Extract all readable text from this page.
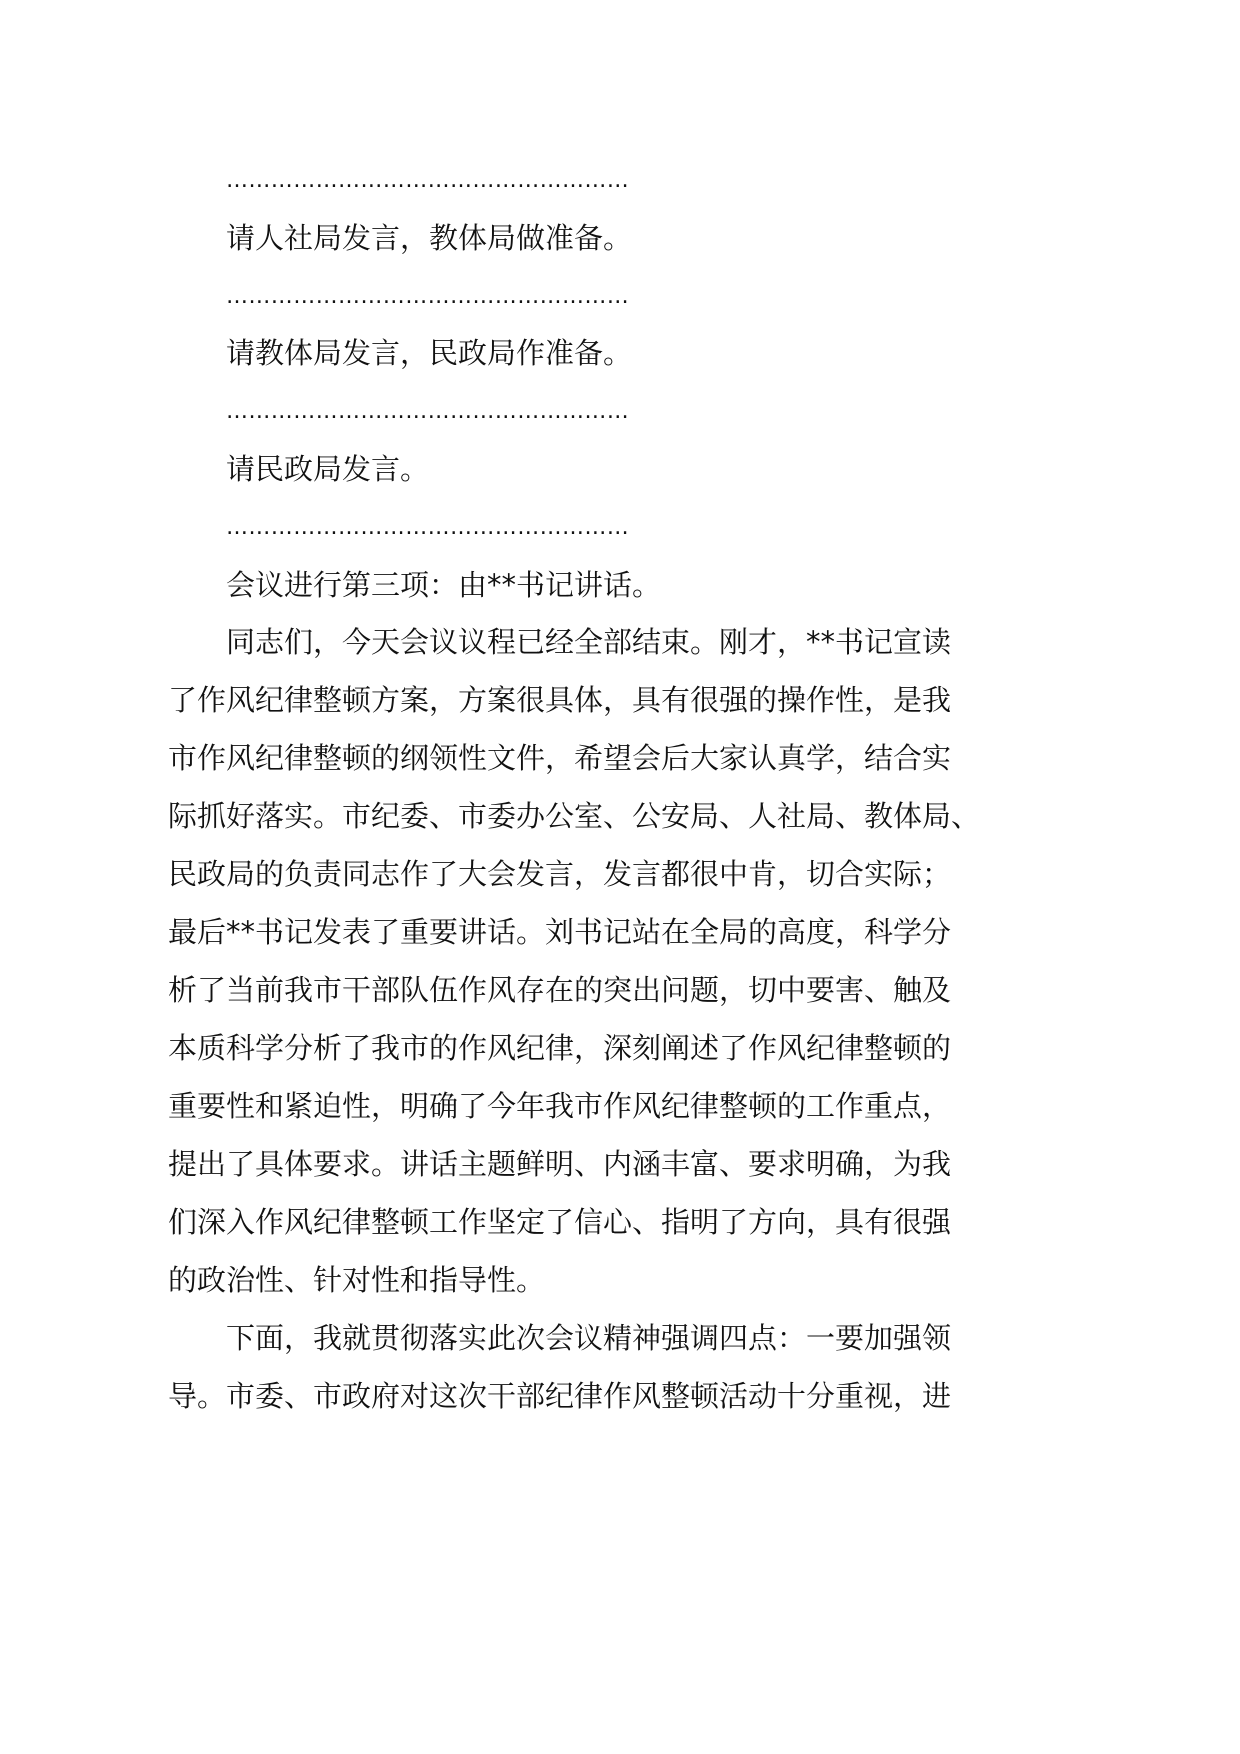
………………………………………………
请人社局发言，教体局做准备。
………………………………………………
请教体局发言，民政局作准备。
………………………………………………
请民政局发言。
………………………………………………
会议进行第三项：由**书记讲话。
同志们，今天会议议程已经全部结束。刚才，**书记宣读
了作风纪律整顿方案，方案很具体，具有很强的操作性，是我
市作风纪律整顿的纲领性文件，希望会后大家认真学，结合实
际抓好落实。市纪委、市委办公室、公安局、人社局、教体局、
民政局的负责同志作了大会发言，发言都很中肯，切合实际；
最后**书记发表了重要讲话。刘书记站在全局的高度，科学分
析了当前我市干部队伍作风存在的突出问题，切中要害、触及
本质科学分析了我市的作风纪律，深刻阐述了作风纪律整顿的
重要性和紧迫性，明确了今年我市作风纪律整顿的工作重点，
提出了具体要求。讲话主题鲜明、内涵丰富、要求明确，为我
们深入作风纪律整顿工作坚定了信心、指明了方向，具有很强
的政治性、针对性和指导性。
下面，我就贯彻落实此次会议精神强调四点：一要加强领
导。市委、市政府对这次干部纪律作风整顿活动十分重视，进
